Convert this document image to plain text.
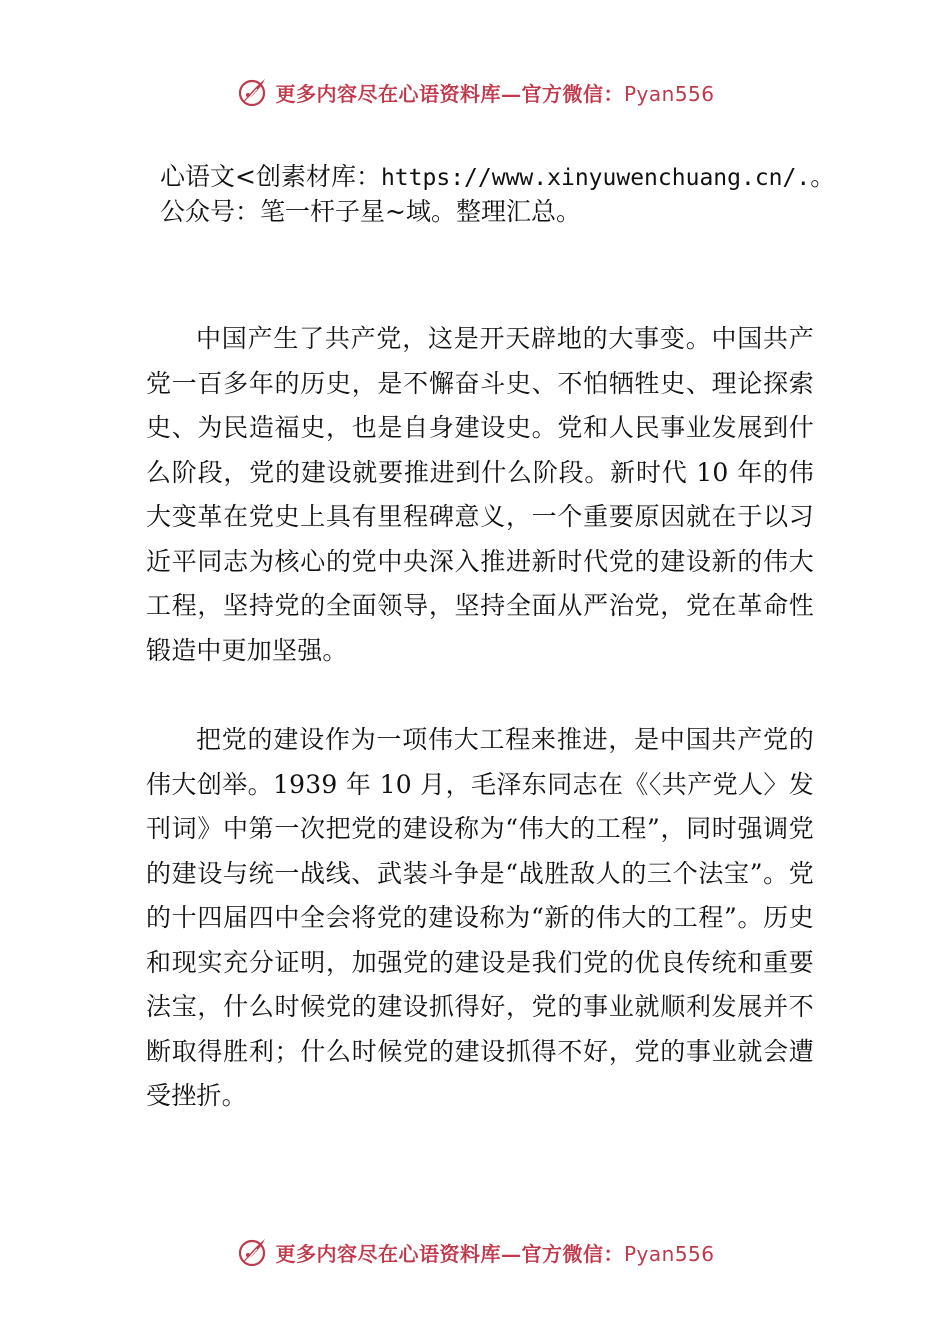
更多内容尽在心语资料库—官方微信：Pyan556
心语文<创素材库：https://www.xinyuwenchuang.cn/.。
公众号：笔一杆子星~域。整理汇总。

中国产生了共产党，这是开天辟地的大事变。中国共产党一百多年的历史，是不懈奋斗史、不怕牺牲史、理论探索史、为民造福史，也是自身建设史。党和人民事业发展到什么阶段，党的建设就要推进到什么阶段。新时代 10 年的伟大变革在党史上具有里程碑意义，一个重要原因就在于以习近平同志为核心的党中央深入推进新时代党的建设新的伟大工程，坚持党的全面领导，坚持全面从严治党，党在革命性锻造中更加坚强。

把党的建设作为一项伟大工程来推进，是中国共产党的伟大创举。1939 年 10 月，毛泽东同志在《〈共产党人〉发刊词》中第一次把党的建设称为“伟大的工程”，同时强调党的建设与统一战线、武装斗争是“战胜敌人的三个法宝”。党的十四届四中全会将党的建设称为“新的伟大的工程”。历史和现实充分证明，加强党的建设是我们党的优良传统和重要法宝，什么时候党的建设抓得好，党的事业就顺利发展并不断取得胜利；什么时候党的建设抓得不好，党的事业就会遭受挫折。

更多内容尽在心语资料库—官方微信：Pyan556
